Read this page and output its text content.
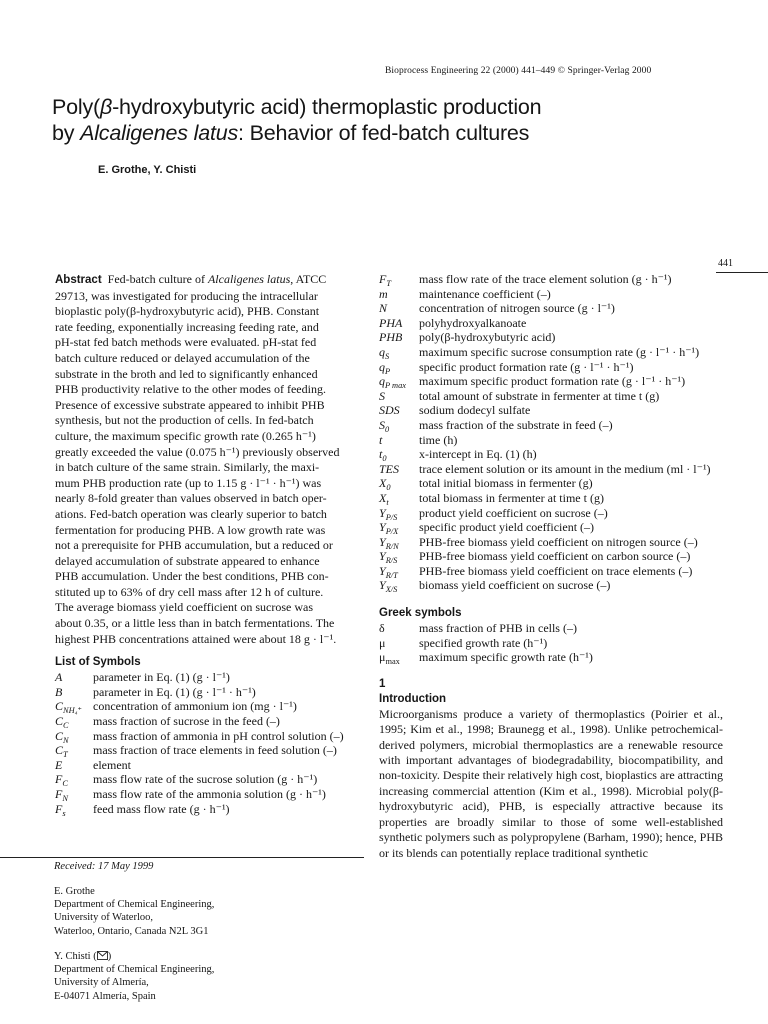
Bioprocess Engineering 22 (2000) 441–449 © Springer-Verlag 2000
Poly(β-hydroxybutyric acid) thermoplastic production
by Alcaligenes latus: Behavior of fed-batch cultures
E. Grothe, Y. Chisti
441

Abstract Fed-batch culture of Alcaligenes latus, ATCC
29713, was investigated for producing the intracellular
bioplastic poly(β-hydroxybutyric acid), PHB. Constant
rate feeding, exponentially increasing feeding rate, and
pH-stat fed batch methods were evaluated. pH-stat fed
batch culture reduced or delayed accumulation of the
substrate in the broth and led to significantly enhanced
PHB productivity relative to the other modes of feeding.
Presence of excessive substrate appeared to inhibit PHB
synthesis, but not the production of cells. In fed-batch
culture, the maximum specific growth rate (0.265 h⁻¹)
greatly exceeded the value (0.075 h⁻¹) previously observed
in batch culture of the same strain. Similarly, the maxi-
mum PHB production rate (up to 1.15 g · l⁻¹ · h⁻¹) was
nearly 8-fold greater than values observed in batch oper-
ations. Fed-batch operation was clearly superior to batch
fermentation for producing PHB. A low growth rate was
not a prerequisite for PHB accumulation, but a reduced or
delayed accumulation of substrate appeared to enhance
PHB accumulation. Under the best conditions, PHB con-
stituted up to 63% of dry cell mass after 12 h of culture.
The average biomass yield coefficient on sucrose was
about 0.35, or a little less than in batch fermentations. The
highest PHB concentrations attained were about 18 g · l⁻¹.

List of Symbols
A	parameter in Eq. (1) (g · l⁻¹)
B	parameter in Eq. (1) (g · l⁻¹ · h⁻¹)
$C_{NH_4^+}$ concentration of ammonium ion (mg · l⁻¹)
$C_C$	mass fraction of sucrose in the feed (–)
$C_N$	mass fraction of ammonia in pH control solution (–)
$C_T$	mass fraction of trace elements in feed solution (–)
E	element
$F_C$	mass flow rate of the sucrose solution (g · h⁻¹)
$F_N$	mass flow rate of the ammonia solution (g · h⁻¹)
$F_s$	feed mass flow rate (g · h⁻¹)
$F_T$	mass flow rate of the trace element solution (g · h⁻¹)
m	maintenance coefficient (–)
N	concentration of nitrogen source (g · l⁻¹)
PHA	polyhydroxyalkanoate
PHB	poly(β-hydroxybutyric acid)
$q_S$	maximum specific sucrose consumption rate (g · l⁻¹ · h⁻¹)
$q_P$	specific product formation rate (g · l⁻¹ · h⁻¹)
$q_{P max}$	maximum specific product formation rate (g · l⁻¹ · h⁻¹)
S	total amount of substrate in fermenter at time t (g)
SDS	sodium dodecyl sulfate
$S_0$	mass fraction of the substrate in feed (–)
t	time (h)
$t_0$	x-intercept in Eq. (1) (h)
TES	trace element solution or its amount in the medium (ml · l⁻¹)
$X_0$	total initial biomass in fermenter (g)
$X_t$	total biomass in fermenter at time t (g)
$Y_{P/S}$	product yield coefficient on sucrose (–)
$Y_{P/X}$	specific product yield coefficient (–)
$Y_{R/N}$	PHB-free biomass yield coefficient on nitrogen source (–)
$Y_{R/S}$	PHB-free biomass yield coefficient on carbon source (–)
$Y_{R/T}$	PHB-free biomass yield coefficient on trace elements (–)
$Y_{X/S}$	biomass yield coefficient on sucrose (–)
Greek symbols
δ	mass fraction of PHB in cells (–)
μ	specified growth rate (h⁻¹)
$\mu_{max}$	maximum specific growth rate (h⁻¹)
1
Introduction

Microorganisms produce a variety of thermoplastics (Poirier et al., 1995; Kim et al., 1998; Braunegg et al., 1998). Unlike petrochemical-derived polymers, microbial thermoplastics are a renewable resource with important advantages of biodegradability, biocompatibility, and non-toxicity. Despite their relatively high cost, bioplastics are attracting increasing commercial attention (Kim et al., 1998). Microbial poly(β-hydroxybutyric acid), PHB, is especially attractive because its properties are broadly similar to those of some well-established synthetic polymers such as polypropylene (Barham, 1990); hence, PHB or its blends can potentially replace traditional synthetic

Received: 17 May 1999
E. Grothe
Department of Chemical Engineering,
University of Waterloo,
Waterloo, Ontario, Canada N2L 3G1
Y. Chisti ( )
Department of Chemical Engineering,
University of Almería,
E-04071 Almería, Spain
